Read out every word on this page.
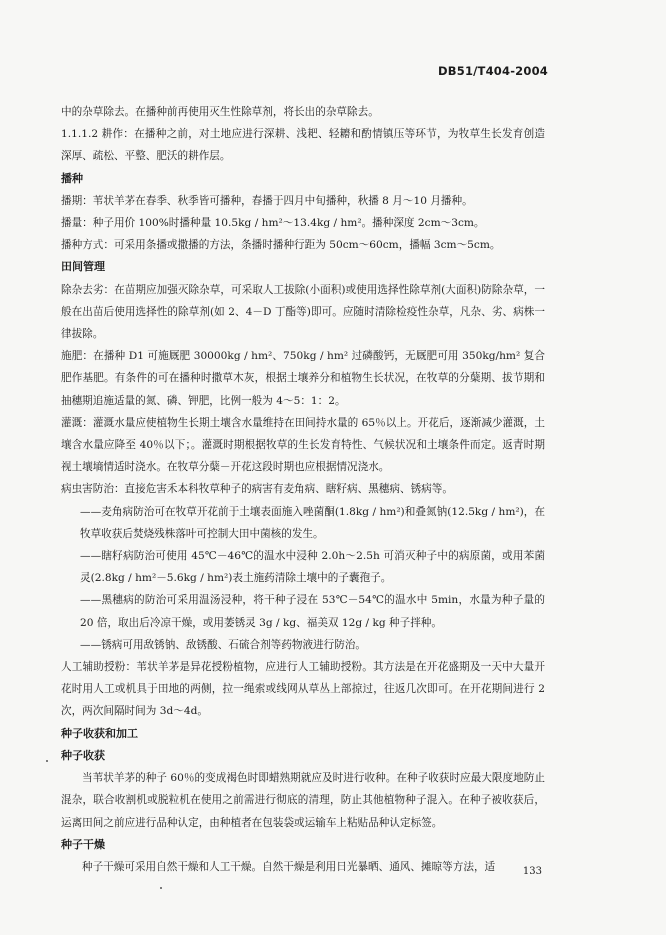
DB51/T404-2004

中的杂草除去。在播种前再使用灭生性除草剂，将长出的杂草除去。

1.1.1.2 耕作：在播种之前，对土地应进行深耕、浅耙、轻耱和酌情镇压等环节，为牧草生长发育创造深厚、疏松、平整、肥沃的耕作层。

播种

播期：苇状羊茅在春季、秋季皆可播种，春播于四月中旬播种，秋播 8 月～10 月播种。

播量：种子用价 100%时播种量 10.5kg / hm²～13.4kg / hm²。播种深度 2cm～3cm。

播种方式：可采用条播或撒播的方法，条播时播种行距为 50cm～60cm，播幅 3cm～5cm。

田间管理

除杂去劣：在苗期应加强灭除杂草，可采取人工拔除(小面积)或使用选择性除草剂(大面积)防除杂草，一般在出苗后使用选择性的除草剂(如 2、4－D 丁酯等)即可。应随时清除检疫性杂草，凡杂、劣、病株一律拔除。

施肥：在播种 D1 可施厩肥 30000kg / hm²、750kg / hm² 过磷酸钙，无厩肥可用 350kg/hm² 复合肥作基肥。有条件的可在播种时撒草木灰，根据土壤养分和植物生长状况，在牧草的分蘖期、拔节期和抽穗期追施适量的氮、磷、钾肥，比例一般为 4～5：1：2。

灌溉：灌溉水量应使植物生长期土壤含水量维持在田间持水量的 65％以上。开花后，逐渐减少灌溉，土壤含水量应降至 40％以下；。灌溉时期根据牧草的生长发育特性、气候状况和土壤条件而定。返青时期视土壤墒情适时浇水。在牧草分蘖－开花这段时期也应根据情况浇水。

病虫害防治：直接危害禾本科牧草种子的病害有麦角病、瞎籽病、黑穗病、锈病等。

——麦角病防治可在牧草开花前于土壤表面施入唑菌酮(1.8kg / hm²)和叠氮钠(12.5kg / hm²)，在牧草收获后焚烧残株落叶可控制大田中菌核的发生。

——瞎籽病防治可使用 45℃－46℃的温水中浸种 2.0h～2.5h 可消灭种子中的病原菌，或用苯菌灵(2.8kg / hm²－5.6kg / hm²)表土施药清除土壤中的子囊孢子。

——黑穗病的防治可采用温汤浸种，将干种子浸在 53℃－54℃的温水中 5min，水量为种子量的 20 倍，取出后冷凉干燥，或用萎锈灵 3g / kg、福美双 12g / kg 种子拌种。

——锈病可用敌锈钠、敌锈酸、石硫合剂等药物液进行防治。

人工辅助授粉：苇状羊茅是异花授粉植物，应进行人工辅助授粉。其方法是在开花盛期及一天中大量开花时用人工或机具于田地的两侧，拉一绳索或线网从草丛上部掠过，往返几次即可。在开花期间进行 2 次，两次间隔时间为 3d～4d。

种子收获和加工

种子收获

当苇状羊茅的种子 60％的变成褐色时即蜡熟期就应及时进行收种。在种子收获时应最大限度地防止混杂，联合收割机或脱粒机在使用之前需进行彻底的清理，防止其他植物种子混入。在种子被收获后，运离田间之前应进行品种认定，由种植者在包装袋或运输车上粘贴品种认定标签。

种子干燥

种子干燥可采用自然干燥和人工干燥。自然干燥是利用日光暴晒、通风、摊晾等方法，适	133
